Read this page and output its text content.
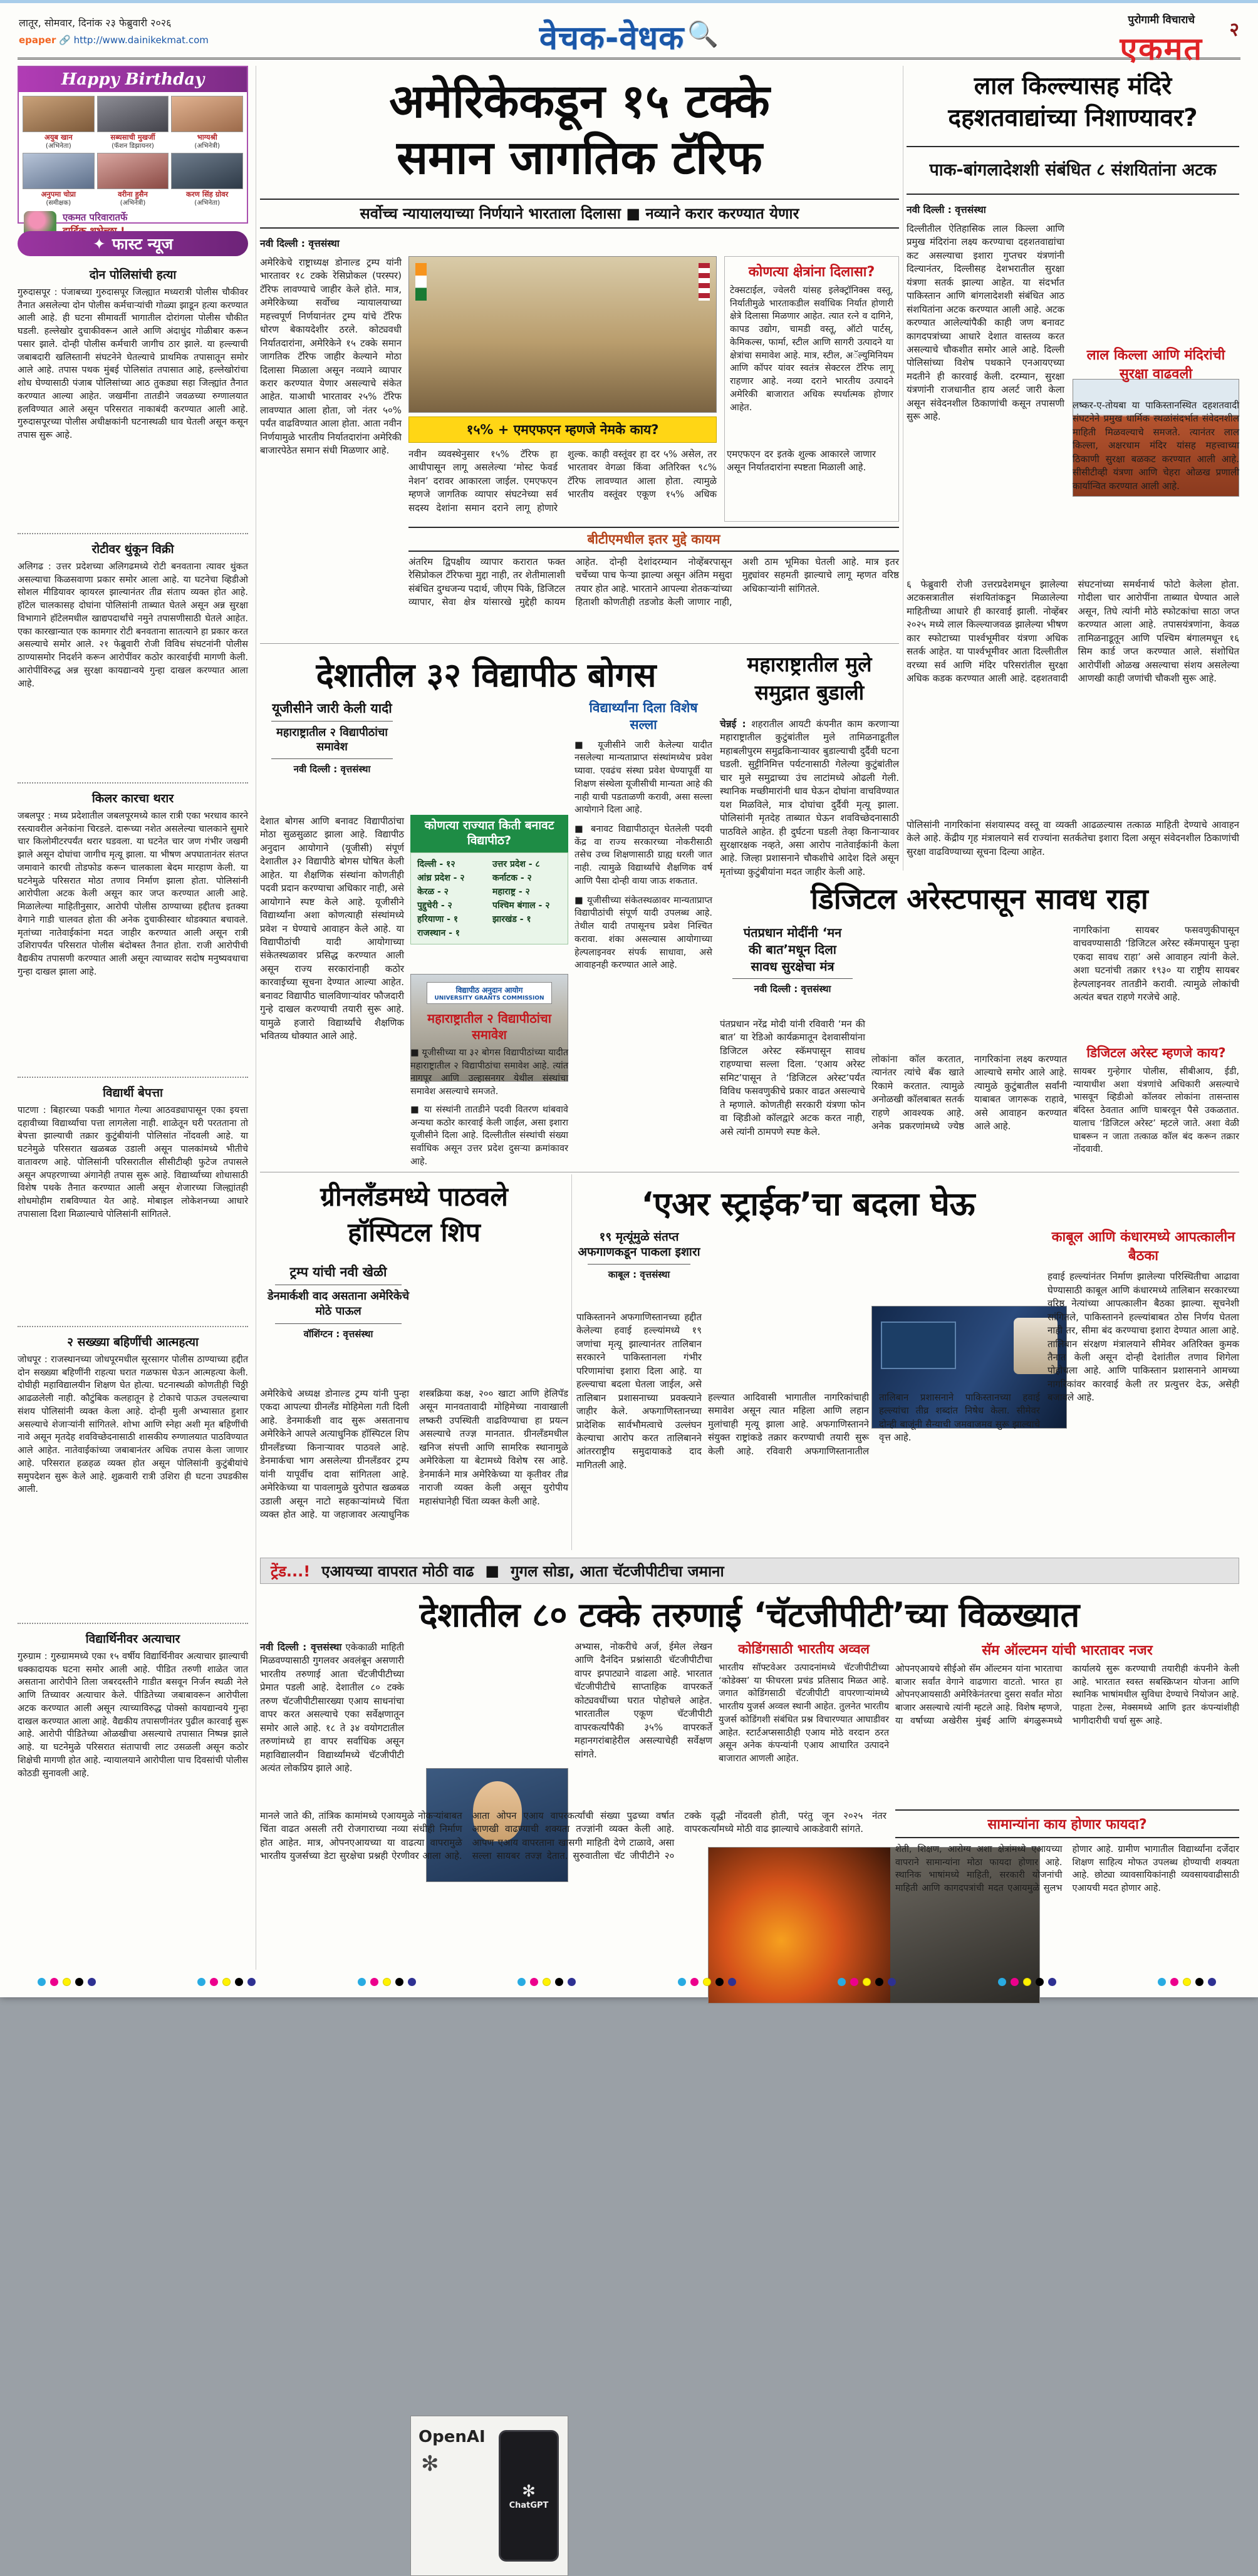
लातूर, सोमवार, दिनांक २३ फेब्रुवारी २०२६
epaper 🔗 http://www.dainikekmat.com	वेचक-वेधक 🔍	पुरोगामी विचाराचे
एकमत
२
Happy Birthday
अयुब खान
(अभिनेता)
सब्यसाची मुखर्जी
(फॅशन डिझायनर)
भाग्यश्री
(अभिनेत्री)
अनुपमा चोप्रा
(समीक्षक)
वरीना हुसैन
(अभिनेत्री)
करण सिंह ग्रोवर
(अभिनेता)
एकमत परिवारातर्फे
✦ फास्ट न्यूज
दोन पोलिसांची हत्या
गुरुदासपूर : पंजाबच्या गुरुदासपूर जिल्ह्यात मध्यरात्री पोलीस चौकीवर तैनात असलेल्या दोन पोलीस कर्मचाऱ्यांची गोळ्या झाडून हत्या करण्यात आली आहे. ही घटना सीमावर्ती भागातील दोरांगला पोलीस चौकीत घडली. हल्लेखोर दुचाकीवरून आले आणि अंदाधुंद गोळीबार करून पसार झाले. दोन्ही पोलीस कर्मचारी जागीच ठार झाले. या हल्ल्याची जबाबदारी खलिस्तानी संघटनेने घेतल्याचे प्राथमिक तपासातून समोर आले आहे. तपास पथक मुंबई पोलिसांत तपासात आहे, हल्लेखोरांचा शोध घेण्यासाठी पंजाब पोलिसांच्या आठ तुकड्या सहा जिल्ह्यांत तैनात करण्यात आल्या आहेत. जखमींना तातडीने जवळच्या रुग्णालयात हलविण्यात आले असून परिसरात नाकाबंदी करण्यात आली आहे. गुरुदासपूरच्या पोलीस अधीक्षकांनी घटनास्थळी धाव घेतली असून कसून तपास सुरू आहे.
रोटीवर थुंकून विक्री
अलिगढ : उत्तर प्रदेशच्या अलिगढमध्ये रोटी बनवताना त्यावर थुंकत असल्याचा किळसवाणा प्रकार समोर आला आहे. या घटनेचा व्हिडीओ सोशल मीडियावर व्हायरल झाल्यानंतर तीव्र संताप व्यक्त होत आहे. हॉटेल चालकासह दोघांना पोलिसांनी ताब्यात घेतले असून अन्न सुरक्षा विभागाने हॉटेलमधील खाद्यपदार्थांचे नमुने तपासणीसाठी घेतले आहेत. एका कारखान्यात एक कामगार रोटी बनवताना सातत्याने हा प्रकार करत असल्याचे समोर आले. २१ फेब्रुवारी रोजी विविध संघटनांनी पोलीस ठाण्यासमोर निदर्शने करून आरोपींवर कठोर कारवाईची मागणी केली. आरोपींविरुद्ध अन्न सुरक्षा कायद्यान्वये गुन्हा दाखल करण्यात आला आहे.
किलर कारचा थरार
जबलपूर : मध्य प्रदेशातील जबलपूरमध्ये काल रात्री एका भरधाव कारने रस्त्यावरील अनेकांना चिरडले. दारूच्या नशेत असलेल्या चालकाने सुमारे चार किलोमीटरपर्यंत थरार घडवला. या घटनेत चार जण गंभीर जखमी झाले असून दोघांचा जागीच मृत्यू झाला. या भीषण अपघातानंतर संतप्त जमावाने कारची तोडफोड करून चालकाला बेदम मारहाण केली. या घटनेमुळे परिसरात मोठा तणाव निर्माण झाला होता. पोलिसांनी आरोपीला अटक केली असून कार जप्त करण्यात आली आहे. मिळालेल्या माहितीनुसार, आरोपी पोलीस ठाण्याच्या हद्दीतच इतक्या वेगाने गाडी चालवत होता की अनेक दुचाकीस्वार थोडक्यात बचावले. मृतांच्या नातेवाईकांना मदत जाहीर करण्यात आली असून रात्री उशिरापर्यंत परिसरात पोलीस बंदोबस्त तैनात होता. राजी आरोपीची वैद्यकीय तपासणी करण्यात आली असून त्याच्यावर सदोष मनुष्यवधाचा गुन्हा दाखल झाला आहे.
विद्यार्थी बेपत्ता
पाटणा : बिहारच्या पकडी भागात गेल्या आठवड्यापासून एका इयत्ता दहावीच्या विद्यार्थ्याचा पत्ता लागलेला नाही. शाळेतून घरी परतताना तो बेपत्ता झाल्याची तक्रार कुटुंबीयांनी पोलिसांत नोंदवली आहे. या घटनेमुळे परिसरात खळबळ उडाली असून पालकांमध्ये भीतीचे वातावरण आहे. पोलिसांनी परिसरातील सीसीटीव्ही फुटेज तपासले असून अपहरणाच्या अंगानेही तपास सुरू आहे. विद्यार्थ्याच्या शोधासाठी विशेष पथके तैनात करण्यात आली असून शेजारच्या जिल्ह्यांतही शोधमोहीम राबविण्यात येत आहे. मोबाइल लोकेशनच्या आधारे तपासाला दिशा मिळाल्याचे पोलिसांनी सांगितले.
२ सख्ख्या बहिणींची आत्महत्या
जोधपूर : राजस्थानच्या जोधपूरमधील सूरसागर पोलीस ठाण्याच्या हद्दीत दोन सख्ख्या बहिणींनी राहत्या घरात गळफास घेऊन आत्महत्या केली. दोघीही महाविद्यालयीन शिक्षण घेत होत्या. घटनास्थळी कोणतीही चिठ्ठी आढळलेली नाही. कौटुंबिक कलहातून हे टोकाचे पाऊल उचलल्याचा संशय पोलिसांनी व्यक्त केला आहे. दोन्ही मुली अभ्यासात हुशार असल्याचे शेजाऱ्यांनी सांगितले. शोभा आणि स्नेहा अशी मृत बहिणींची नावे असून मृतदेह शवविच्छेदनासाठी शासकीय रुग्णालयात पाठविण्यात आले आहेत. नातेवाईकांच्या जबाबानंतर अधिक तपास केला जाणार आहे. परिसरात हळहळ व्यक्त होत असून पोलिसांनी कुटुंबीयांचे समुपदेशन सुरू केले आहे. शुक्रवारी रात्री उशिरा ही घटना उघडकीस आली.
विद्यार्थिनीवर अत्याचार
गुरुग्राम : गुरुग्राममध्ये एका १५ वर्षीय विद्यार्थिनीवर अत्याचार झाल्याची धक्कादायक घटना समोर आली आहे. पीडित तरुणी शाळेत जात असताना आरोपीने तिला जबरदस्तीने गाडीत बसवून निर्जन स्थळी नेले आणि तिच्यावर अत्याचार केले. पीडितेच्या जबाबावरून आरोपीला अटक करण्यात आली असून त्याच्याविरुद्ध पोक्सो कायद्यान्वये गुन्हा दाखल करण्यात आला आहे. वैद्यकीय तपासणीनंतर पुढील कारवाई सुरू आहे. आरोपी पीडितेच्या ओळखीचा असल्याचे तपासात निष्पन्न झाले आहे. या घटनेमुळे परिसरात संतापाची लाट उसळली असून कठोर शिक्षेची मागणी होत आहे. न्यायालयाने आरोपीला पाच दिवसांची पोलीस कोठडी सुनावली आहे.
अमेरिकेकडून १५ टक्के
समान जागतिक टॅरिफ
सर्वोच्च न्यायालयाच्या निर्णयाने भारताला दिलासा ■ नव्याने करार करण्यात येणार
नवी दिल्ली : वृत्तसंस्था
अमेरिकेचे राष्ट्राध्यक्ष डोनाल्ड ट्रम्प यांनी भारतावर १८ टक्के रेसिप्रोकल (परस्पर) टॅरिफ लावण्याचे जाहीर केले होते. मात्र, अमेरिकेच्या सर्वोच्च न्यायालयाच्या महत्त्वपूर्ण निर्णयानंतर ट्रम्प यांचे टॅरिफ धोरण बेकायदेशीर ठरले. कोट्यवधी निर्यातदारांना, अमेरिकेने १५ टक्के समान जागतिक टॅरिफ जाहीर केल्याने मोठा दिलासा मिळाला असून नव्याने व्यापार करार करण्यात येणार असल्याचे संकेत आहेत. याआधी भारतावर २५% टॅरिफ लावण्यात आला होता, जो नंतर ५०% पर्यंत वाढविण्यात आला होता. आता नवीन निर्णयामुळे भारतीय निर्यातदारांना अमेरिकी बाजारपेठेत समान संधी मिळणार आहे.
१५% + एमएफएन म्हणजे नेमके काय?
नवीन व्यवस्थेनुसार १५% टॅरिफ हा आधीपासून लागू असलेल्या ‘मोस्ट फेवर्ड नेशन’ दरावर आकारला जाईल. एमएफएन म्हणजे जागतिक व्यापार संघटनेच्या सर्व सदस्य देशांना समान दराने लागू होणारे शुल्क. काही वस्तूंवर हा दर ५% असेल, तर भारतावर वेगळा किंवा अतिरिक्त ९८% टॅरिफ लावण्यात आला होता. त्यामुळे भारतीय वस्तूंवर एकूण १५% अधिक एमएफएन दर इतके शुल्क आकारले जाणार असून निर्यातदारांना स्पष्टता मिळाली आहे.
कोणत्या क्षेत्रांना दिलासा?
टेक्सटाईल, ज्वेलरी यांसह इलेक्ट्रॉनिक्स वस्तू, निर्यातीमुळे भारताकडील सर्वाधिक निर्यात होणारी क्षेत्रे दिलासा मिळणार आहेत. त्यात रत्ने व दागिने, कापड उद्योग, चामडी वस्तू, ऑटो पार्टस्, केमिकल्स, फार्मा, स्टील आणि सागरी उत्पादने या क्षेत्रांचा समावेश आहे. मात्र, स्टील, अॅल्युमिनियम आणि कॉपर यांवर स्वतंत्र सेक्टरल टॅरिफ लागू राहणार आहे. नव्या दराने भारतीय उत्पादने अमेरिकी बाजारात अधिक स्पर्धात्मक होणार आहेत.
बीटीएमधील इतर मुद्दे कायम
अंतरिम द्विपक्षीय व्यापार करारात फक्त रेसिप्रोकल टॅरिफचा मुद्दा नाही, तर शेतीमालाशी संबंधित दुग्धजन्य पदार्थ, जीएम पिके, डिजिटल व्यापार, सेवा क्षेत्र यांसारखे मुद्देही कायम आहेत. दोन्ही देशांदरम्यान नोव्हेंबरपासून चर्चेच्या पाच फेऱ्या झाल्या असून अंतिम मसुदा तयार होत आहे. भारताने आपल्या शेतकऱ्यांच्या हिताशी कोणतीही तडजोड केली जाणार नाही, अशी ठाम भूमिका घेतली आहे. मात्र इतर मुद्द्यांवर सहमती झाल्याचे लागू म्हणत वरिष्ठ अधिकाऱ्यांनी सांगितले.
लाल किल्ल्यासह मंदिरे
दहशतवाद्यांच्या निशाण्यावर?
पाक-बांगलादेशशी संबंधित ८ संशयितांना अटक
नवी दिल्ली : वृत्तसंस्था
दिल्लीतील ऐतिहासिक लाल किल्ला आणि प्रमुख मंदिरांना लक्ष्य करण्याचा दहशतवाद्यांचा कट असल्याचा इशारा गुप्तचर यंत्रणांनी दिल्यानंतर, दिल्लीसह देशभरातील सुरक्षा यंत्रणा सतर्क झाल्या आहेत. या संदर्भात पाकिस्तान आणि बांगलादेशशी संबंधित आठ संशयितांना अटक करण्यात आली आहे. अटक करण्यात आलेल्यांपैकी काही जण बनावट कागदपत्रांच्या आधारे देशात वास्तव्य करत असल्याचे चौकशीत समोर आले आहे. दिल्ली पोलिसांच्या विशेष पथकाने एनआयएच्या मदतीने ही कारवाई केली. दरम्यान, सुरक्षा यंत्रणांनी राजधानीत हाय अलर्ट जारी केला असून संवेदनशील ठिकाणांची कसून तपासणी सुरू आहे.
लाल किल्ला आणि मंदिरांची सुरक्षा वाढवली
लष्कर-ए-तोयबा या पाकिस्तानस्थित दहशतवादी संघटनेने प्रमुख धार्मिक स्थळांसंदर्भात संवेदनशील माहिती मिळवल्याचे समजते. त्यानंतर लाल किल्ला, अक्षरधाम मंदिर यांसह महत्त्वाच्या ठिकाणी सुरक्षा बळकट करण्यात आली आहे. सीसीटीव्ही यंत्रणा आणि चेहरा ओळख प्रणाली कार्यान्वित करण्यात आली आहे.
६ फेब्रुवारी रोजी उत्तरप्रदेशमधून झालेल्या अटकसत्रातील संशयितांकडून मिळालेल्या माहितीच्या आधारे ही कारवाई झाली. नोव्हेंबर २०२५ मध्ये लाल किल्ल्याजवळ झालेल्या भीषण कार स्फोटाच्या पार्श्वभूमीवर यंत्रणा अधिक सतर्क आहेत. या पार्श्वभूमीवर आता दिल्लीतील वरच्या सर्व आणि मंदिर परिसरांतील सुरक्षा अधिक कडक करण्यात आली आहे. दहशतवादी संघटनांच्या समर्थनार्थ फोटो केलेला होता. गोदीला चार आरोपींना ताब्यात घेण्यात आले असून, तिघे त्यांनी मोठे स्फोटकांचा साठा जप्त करण्यात आला आहे. तपासयंत्रणांना, केवळ तामिळनाडूतून आणि पश्चिम बंगालमधून १६ सिम कार्ड जप्त करण्यात आले. संशोधित आरोपींशी ओळख असल्याचा संशय असलेल्या आणखी काही जणांची चौकशी सुरू आहे.
पोलिसांनी नागरिकांना संशयास्पद वस्तू वा व्यक्ती आढळल्यास तत्काळ माहिती देण्याचे आवाहन केले आहे. केंद्रीय गृह मंत्रालयाने सर्व राज्यांना सतर्कतेचा इशारा दिला असून संवेदनशील ठिकाणांची सुरक्षा वाढविण्याच्या सूचना दिल्या आहेत.
देशातील ३२ विद्यापीठ बोगस
यूजीसीने जारी केली यादी
महाराष्ट्रातील २ विद्यापीठांचा समावेश
नवी दिल्ली : वृत्तसंस्था
विद्यापीठ अनुदान आयोग
UNIVERSITY GRANTS COMMISSION
विद्यार्थ्यांना दिला विशेष सल्ला
■ यूजीसीने जारी केलेल्या यादीत नसलेल्या मान्यताप्राप्त संस्थांमध्येच प्रवेश घ्यावा. एवढंच संस्था प्रवेश घेण्यापूर्वी या शिक्षण संस्थेला यूजीसीची मान्यता आहे की नाही याची पडताळणी करावी, असा सल्ला आयोगाने दिला आहे.
■ बनावट विद्यापीठातून घेतलेली पदवी केंद्र वा राज्य सरकारच्या नोकरीसाठी तसेच उच्च शिक्षणासाठी ग्राह्य धरली जात नाही. त्यामुळे विद्यार्थ्यांचे शैक्षणिक वर्ष आणि पैसा दोन्ही वाया जाऊ शकतात.
■ यूजीसीच्या संकेतस्थळावर मान्यताप्राप्त विद्यापीठांची संपूर्ण यादी उपलब्ध आहे. तेथील यादी तपासूनच प्रवेश निश्चित करावा. शंका असल्यास आयोगाच्या हेल्पलाइनवर संपर्क साधावा, असे आवाहनही करण्यात आले आहे.
देशात बोगस आणि बनावट विद्यापीठांचा मोठा सुळसुळाट झाला आहे. विद्यापीठ अनुदान आयोगाने (यूजीसी) संपूर्ण देशातील ३२ विद्यापीठे बोगस घोषित केली आहेत. या शैक्षणिक संस्थांना कोणतीही पदवी प्रदान करण्याचा अधिकार नाही, असे आयोगाने स्पष्ट केले आहे. यूजीसीने विद्यार्थ्यांना अशा कोणत्याही संस्थांमध्ये प्रवेश न घेण्याचे आवाहन केले आहे. या विद्यापीठांची यादी आयोगाच्या संकेतस्थळावर प्रसिद्ध करण्यात आली असून राज्य सरकारांनाही कठोर कारवाईच्या सूचना देण्यात आल्या आहेत. बनावट विद्यापीठ चालविणाऱ्यांवर फौजदारी गुन्हे दाखल करण्याची तयारी सुरू आहे. यामुळे हजारो विद्यार्थ्यांचे शैक्षणिक भवितव्य धोक्यात आले आहे.
कोणत्या राज्यात किती बनावट विद्यापीठ?
दिल्ली - १२	उत्तर प्रदेश - ८
आंध्र प्रदेश - २	कर्नाटक - २
केरळ - २	महाराष्ट्र - २
पुद्दुचेरी - २	पश्चिम बंगाल - २
हरियाणा - १	झारखंड - १
राजस्थान - १
महाराष्ट्रातील २ विद्यापीठांचा समावेश
■ यूजीसीच्या या ३२ बोगस विद्यापीठांच्या यादीत महाराष्ट्रातील २ विद्यापीठांचा समावेश आहे. त्यांत नागपूर आणि उल्हासनगर येथील संस्थांचा समावेश असल्याचे समजते.
■ या संस्थांनी तातडीने पदवी वितरण थांबवावे अन्यथा कठोर कारवाई केली जाईल, असा इशारा यूजीसीने दिला आहे. दिल्लीतील संस्थांची संख्या सर्वाधिक असून उत्तर प्रदेश दुसऱ्या क्रमांकावर आहे.
महाराष्ट्रातील मुले
समुद्रात बुडाली
चेन्नई : शहरातील आयटी कंपनीत काम करणाऱ्या महाराष्ट्रातील कुटुंबांतील मुले तामिळनाडूतील महाबलीपुरम समुद्रकिनाऱ्यावर बुडाल्याची दुर्दैवी घटना घडली. सुट्टीनिमित्त पर्यटनासाठी गेलेल्या कुटुंबांतील चार मुले समुद्राच्या उंच लाटांमध्ये ओढली गेली. स्थानिक मच्छीमारांनी धाव घेऊन दोघांना वाचविण्यात यश मिळविले, मात्र दोघांचा दुर्दैवी मृत्यू झाला. पोलिसांनी मृतदेह ताब्यात घेऊन शवविच्छेदनासाठी पाठविले आहेत. ही दुर्घटना घडली तेव्हा किनाऱ्यावर सुरक्षारक्षक नव्हते, असा आरोप नातेवाईकांनी केला आहे. जिल्हा प्रशासनाने चौकशीचे आदेश दिले असून मृतांच्या कुटुंबीयांना मदत जाहीर केली आहे.
डिजिटल अरेस्टपासून सावध राहा
पंतप्रधान मोदींनी ‘मन
की बात’मधून दिला
सावध सुरक्षेचा मंत्र
नवी दिल्ली : वृत्तसंस्था
पंतप्रधान नरेंद्र मोदी यांनी रविवारी ‘मन की बात’ या रेडिओ कार्यक्रमातून देशवासीयांना डिजिटल अरेस्ट स्कॅमपासून सावध राहण्याचा सल्ला दिला. ‘एआय अरेस्ट समिट’पासून ते ‘डिजिटल अरेस्ट’पर्यंत विविध फसवणुकीचे प्रकार वाढत असल्याचे ते म्हणाले. कोणतीही सरकारी यंत्रणा फोन वा व्हिडीओ कॉलद्वारे अटक करत नाही, असे त्यांनी ठामपणे स्पष्ट केले.
लोकांना कॉल करतात, त्यानंतर त्यांचे बँक खाते रिकामे करतात. त्यामुळे अनोळखी कॉलबाबत सतर्क राहणे आवश्यक आहे. अनेक प्रकरणांमध्ये ज्येष्ठ नागरिकांना लक्ष्य करण्यात आल्याचे समोर आले आहे. त्यामुळे कुटुंबातील सर्वांनी याबाबत जागरूक राहावे, असे आवाहन करण्यात आले आहे.
नागरिकांना सायबर फसवणुकीपासून वाचवण्यासाठी ‘डिजिटल अरेस्ट स्कॅमपासून पुन्हा एकदा सावध राहा’ असे आवाहन त्यांनी केले. अशा घटनांची तक्रार १९३० या राष्ट्रीय सायबर हेल्पलाइनवर तातडीने करावी. त्यामुळे लोकांची अत्यंत बचत राहणे गरजेचे आहे.
डिजिटल अरेस्ट म्हणजे काय?
सायबर गुन्हेगार पोलीस, सीबीआय, ईडी, न्यायाधीश अशा यंत्रणांचे अधिकारी असल्याचे भासवून व्हिडीओ कॉलवर लोकांना तासन्तास बंदिस्त ठेवतात आणि घाबरवून पैसे उकळतात. यालाच ‘डिजिटल अरेस्ट’ म्हटले जाते. अशा वेळी घाबरून न जाता तत्काळ कॉल बंद करून तक्रार नोंदवावी.
ग्रीनलँडमध्ये पाठवले
हॉस्पिटल शिप
ट्रम्प यांची नवी खेळी
डेनमार्कशी वाद असताना अमेरिकेचे मोठे पाऊल
वॉशिंग्टन : वृत्तसंस्था
अमेरिकेचे अध्यक्ष डोनाल्ड ट्रम्प यांनी पुन्हा एकदा आपल्या ग्रीनलँड मोहिमेला गती दिली आहे. डेनमार्कशी वाद सुरू असतानाच अमेरिकेने आपले अत्याधुनिक हॉस्पिटल शिप ग्रीनलँडच्या किनाऱ्यावर पाठवले आहे. डेनमार्कचा भाग असलेल्या ग्रीनलँडवर ट्रम्प यांनी यापूर्वीच दावा सांगितला आहे. अमेरिकेच्या या पावलामुळे युरोपात खळबळ उडाली असून नाटो सहकाऱ्यांमध्ये चिंता व्यक्त होत आहे. या जहाजावर अत्याधुनिक शस्त्रक्रिया कक्ष, २०० खाटा आणि हेलिपॅड असून मानवतावादी मोहिमेच्या नावाखाली लष्करी उपस्थिती वाढविण्याचा हा प्रयत्न असल्याचे तज्ज्ञ मानतात. ग्रीनलँडमधील खनिज संपत्ती आणि सामरिक स्थानामुळे अमेरिकेला या बेटामध्ये विशेष रस आहे. डेनमार्कने मात्र अमेरिकेच्या या कृतीवर तीव्र नाराजी व्यक्त केली असून युरोपीय महासंघानेही चिंता व्यक्त केली आहे.
‘एअर स्ट्राईक’चा बदला घेऊ
१९ मृत्यूंमुळे संतप्त
अफगाणकडून पाकला इशारा
काबूल : वृत्तसंस्था
पाकिस्तानने अफगाणिस्तानच्या हद्दीत केलेल्या हवाई हल्ल्यांमध्ये १९ जणांचा मृत्यू झाल्यानंतर तालिबान सरकारने पाकिस्तानला गंभीर परिणामांचा इशारा दिला आहे. या हल्ल्याचा बदला घेतला जाईल, असे तालिबान प्रशासनाच्या प्रवक्त्याने जाहीर केले. अफगाणिस्तानच्या प्रादेशिक सार्वभौमत्वाचे उल्लंघन केल्याचा आरोप करत तालिबानने आंतरराष्ट्रीय समुदायाकडे दाद मागितली आहे.
हल्ल्यात आदिवासी भागातील नागरिकांचाही समावेश असून त्यात महिला आणि लहान मुलांचाही मृत्यू झाला आहे. अफगाणिस्तानने संयुक्त राष्ट्रांकडे तक्रार करण्याची तयारी सुरू केली आहे. रविवारी अफगाणिस्तानातील तालिबान प्रशासनाने पाकिस्तानच्या हवाई हल्ल्यांचा तीव्र शब्दांत निषेध केला. सीमेवर दोन्ही बाजूंनी सैन्याची जमवाजमव सुरू झाल्याचे वृत्त आहे.
काबूल आणि कंधारमध्ये आपत्कालीन बैठका
हवाई हल्ल्यांनंतर निर्माण झालेल्या परिस्थितीचा आढावा घेण्यासाठी काबूल आणि कंधारमध्ये तालिबान सरकारच्या वरिष्ठ नेत्यांच्या आपत्कालीन बैठका झाल्या. सूचनेशी सांगितले, पाकिस्तानने हल्ल्यांबाबत ठोस निर्णय घेतला नाही तर, सीमा बंद करण्याचा इशारा देण्यात आला आहे. तालिबान संरक्षण मंत्रालयाने सीमेवर अतिरिक्त कुमक तैनात केली असून दोन्ही देशांतील तणाव शिगेला पोहोचला आहे. आणि पाकिस्तान प्रशासनाने आमच्या नागरिकांवर कारवाई केली तर प्रत्युत्तर देऊ, असेही बजावले आहे.
ट्रेंड...! एआयच्या वापरात मोठी वाढ ■ गुगल सोडा, आता चॅटजीपीटीचा जमाना
देशातील ८० टक्के तरुणाई ‘चॅटजीपीटी’च्या विळख्यात
नवी दिल्ली : वृत्तसंस्था एकेकाळी माहिती मिळवण्यासाठी गुगलवर अवलंबून असणारी भारतीय तरुणाई आता चॅटजीपीटीच्या प्रेमात पडली आहे. देशातील ८० टक्के तरुण चॅटजीपीटीसारख्या एआय साधनांचा वापर करत असल्याचे एका सर्वेक्षणातून समोर आले आहे. १८ ते ३४ वयोगटातील तरुणांमध्ये हा वापर सर्वाधिक असून महाविद्यालयीन विद्यार्थ्यांमध्ये चॅटजीपीटी अत्यंत लोकप्रिय झाले आहे.
OpenAI
✻
✻
ChatGPT
अभ्यास, नोकरीचे अर्ज, ईमेल लेखन आणि दैनंदिन प्रश्नांसाठी चॅटजीपीटीचा वापर झपाट्याने वाढला आहे. भारतात चॅटजीपीटीचे साप्ताहिक वापरकर्ते कोट्यवधींच्या घरात पोहोचले आहेत. भारतातील एकूण चॅटजीपीटी वापरकर्त्यांपैकी ३५% वापरकर्ते महानगरांबाहेरील असल्याचेही सर्वेक्षण सांगते.
कोडिंगसाठी भारतीय अव्वल
भारतीय सॉफ्टवेअर उत्पादनांमध्ये चॅटजीपीटीच्या ‘कोडेक्स’ या फीचरला प्रचंड प्रतिसाद मिळत आहे. जगात कोडिंगसाठी चॅटजीपीटी वापरणाऱ्यांमध्ये भारतीय युजर्स अव्वल स्थानी आहेत. तुलनेत भारतीय युजर्स कोडिंगशी संबंधित प्रश्न विचारण्यात आघाडीवर आहेत. स्टार्टअप्ससाठीही एआय मोठे वरदान ठरत असून अनेक कंपन्यांनी एआय आधारित उत्पादने बाजारात आणली आहेत.
सॅम ऑल्टमन यांची भारतावर नजर
ओपनएआयचे सीईओ सॅम ऑल्टमन यांना भारताचा बाजार सर्वांत वेगाने वाढणारा वाटतो. भारत हा ओपनएआयसाठी अमेरिकेनंतरचा दुसरा सर्वांत मोठा बाजार असल्याचे त्यांनी म्हटले आहे. विशेष म्हणजे, या वर्षाच्या अखेरीस मुंबई आणि बंगळुरूमध्ये कार्यालये सुरू करण्याची तयारीही कंपनीने केली आहे. भारतात स्वस्त सबस्क्रिप्शन योजना आणि स्थानिक भाषांमधील सुविधा देण्याचे नियोजन आहे. पाहता टेल्स, मेक्समध्ये आणि इतर कंपन्यांशीही भागीदारीची चर्चा सुरू आहे.
मानले जाते की, तांत्रिक कामांमध्ये एआयमुळे नोकऱ्यांबाबत चिंता वाढत असली तरी रोजगाराच्या नव्या संधीही निर्माण होत आहेत. मात्र, ओपनएआयच्या या वाढत्या वापरामुळे भारतीय युजर्सच्या डेटा सुरक्षेचा प्रश्नही ऐरणीवर आला आहे. आता ओपन एआय वापरकर्त्यांची संख्या पुढच्या वर्षात आणखी वाढण्याची शक्यता तज्ज्ञांनी व्यक्त केली आहे. आपण एआय वापरताना खासगी माहिती देणे टाळावे, असा सल्ला सायबर तज्ज्ञ देतात. सुरुवातीला चॅट जीपीटीने २० टक्के वृद्धी नोंदवली होती, परंतु जून २०२५ नंतर वापरकर्त्यांमध्ये मोठी वाढ झाल्याचे आकडेवारी सांगते.	सामान्यांना काय होणार फायदा?
शेती, शिक्षण, आरोग्य अशा क्षेत्रांमध्ये एआयच्या वापराने सामान्यांना मोठा फायदा होणार आहे. स्थानिक भाषांमध्ये माहिती, सरकारी योजनांची माहिती आणि कागदपत्रांची मदत एआयमुळे सुलभ होणार आहे. ग्रामीण भागातील विद्यार्थ्यांना दर्जेदार शिक्षण साहित्य मोफत उपलब्ध होण्याची शक्यता आहे. छोट्या व्यावसायिकांनाही व्यवसायवाढीसाठी एआयची मदत होणार आहे.
